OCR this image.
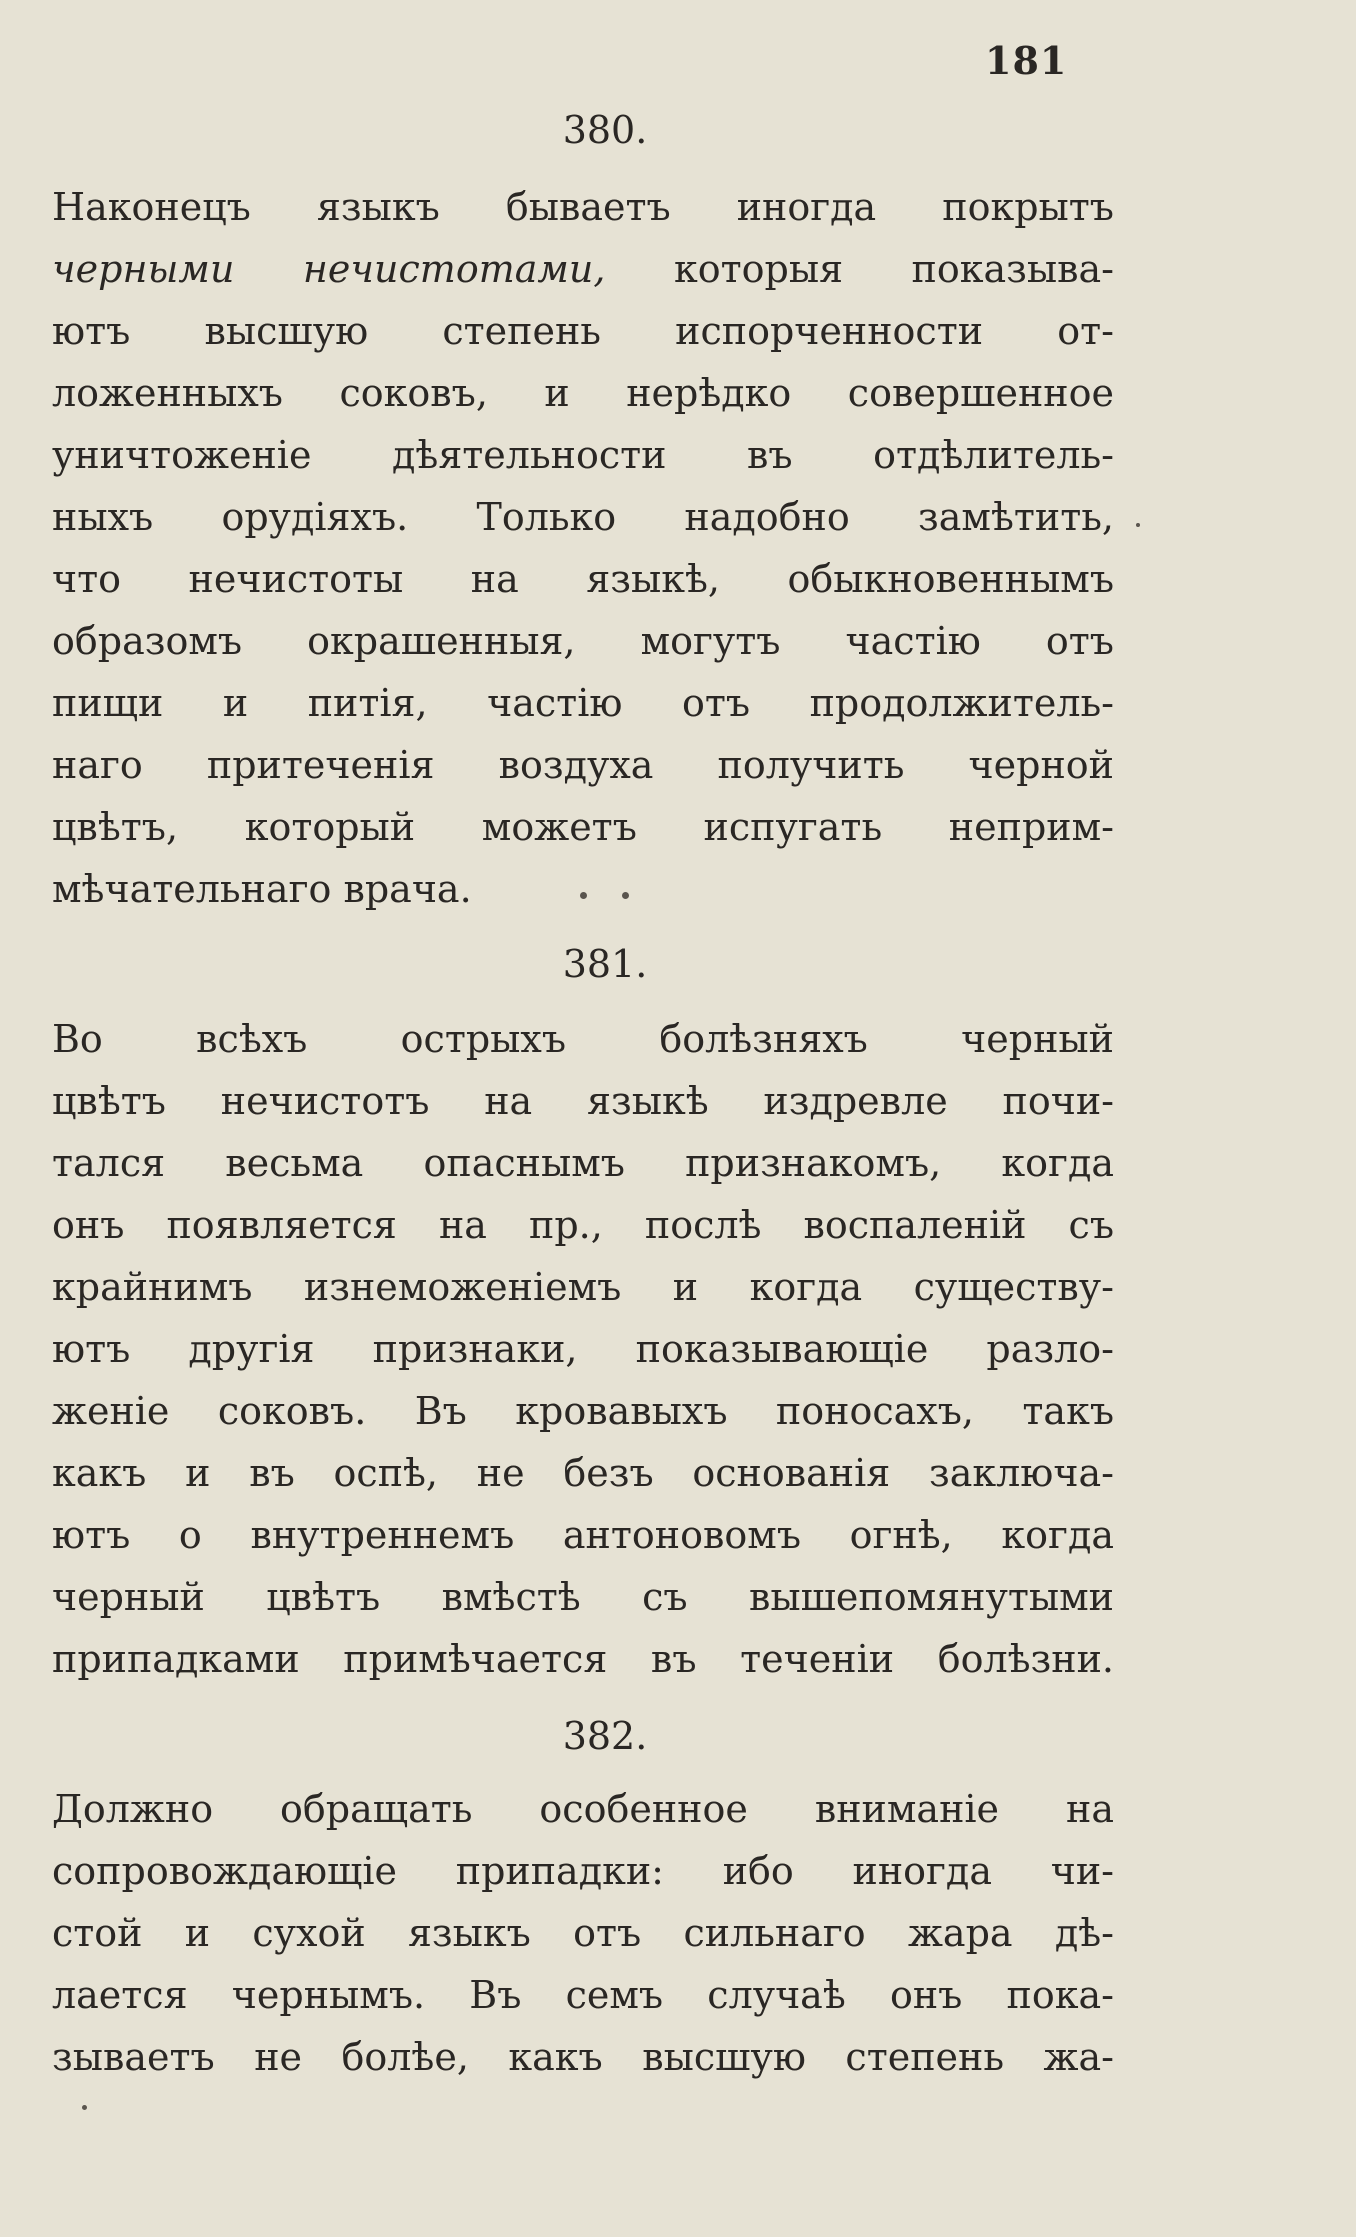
181
380.
Наконецъ языкъ бываетъ иногда покрытъ
черными нечистотами, которыя показыва-
ютъ высшую степень испорченности от-
ложенныхъ соковъ, и нерѣдко совершенное
уничтоженіе дѣятельности въ отдѣлитель-
ныхъ орудіяхъ. Только надобно замѣтить,
что нечистоты на языкѣ, обыкновеннымъ
образомъ окрашенныя, могутъ частію отъ
пищи и питія, частію отъ продолжитель-
наго притеченія воздуха получить черной
цвѣтъ, который можетъ испугать неприм-
мѣчательнаго врача.
381.
Во всѣхъ острыхъ болѣзняхъ черный
цвѣтъ нечистотъ на языкѣ издревле почи-
тался весьма опаснымъ признакомъ, когда
онъ появляется на пр., послѣ воспаленій съ
крайнимъ изнеможеніемъ и когда существу-
ютъ другія признаки, показывающіе разло-
женіе соковъ. Въ кровавыхъ поносахъ, такъ
какъ и въ оспѣ, не безъ основанія заключа-
ютъ о внутреннемъ антоновомъ огнѣ, когда
черный цвѣтъ вмѣстѣ съ вышепомянутыми
припадками примѣчается въ теченіи болѣзни.
382.
Должно обращать особенное вниманіе на
сопровождающіе припадки: ибо иногда чи-
стой и сухой языкъ отъ сильнаго жара дѣ-
лается чернымъ. Въ семъ случаѣ онъ пока-
зываетъ не болѣе, какъ высшую степень жа-
